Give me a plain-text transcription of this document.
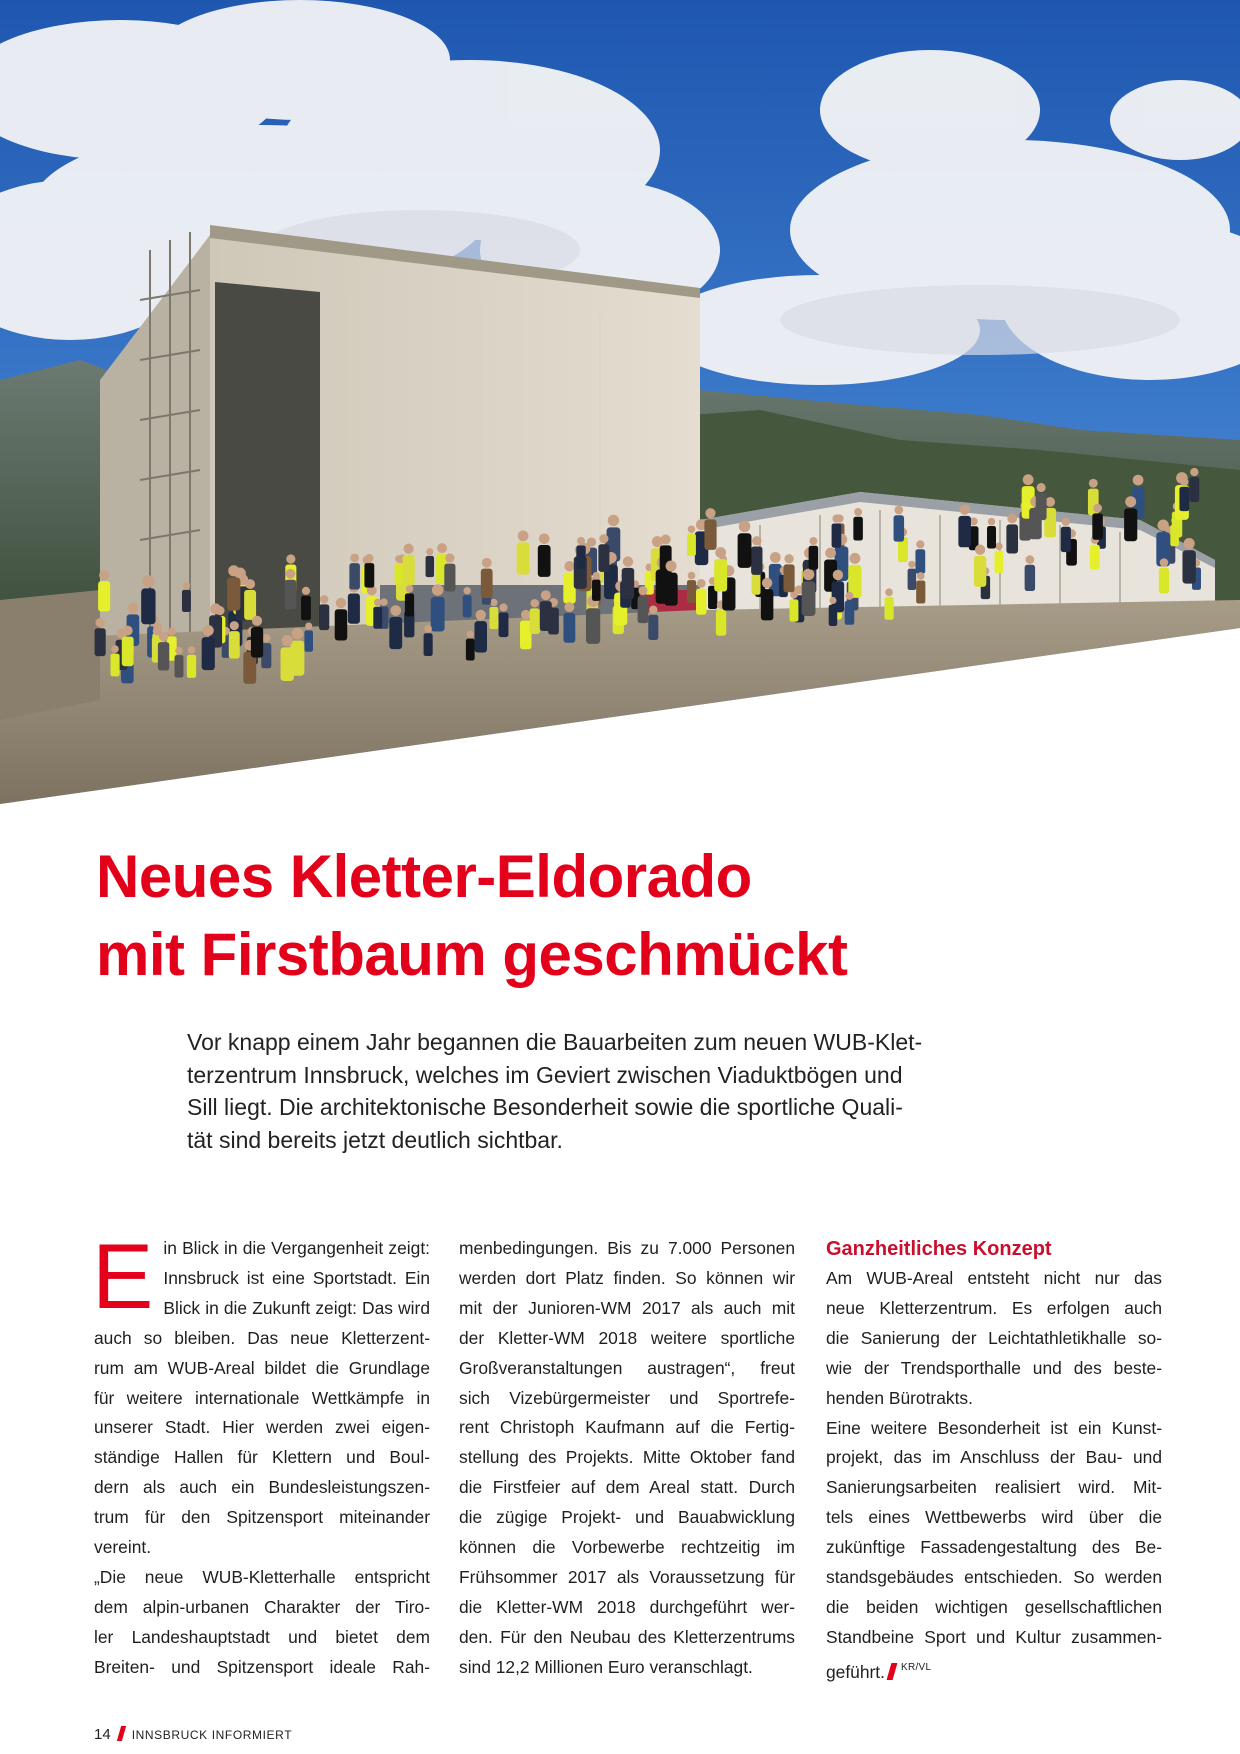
Neues Kletter-Eldorado
mit Firstbaum geschmückt
Vor knapp einem Jahr begannen die Bauarbeiten zum neuen WUB-Klet-
terzentrum Innsbruck, welches im Geviert zwischen Viaduktbögen und
Sill liegt. Die architektonische Besonderheit sowie die sportliche Quali-
tät sind bereits jetzt deutlich sichtbar.
E in Blick in die Vergangenheit zeigt:
Innsbruck ist eine Sportstadt. Ein
Blick in die Zukunft zeigt: Das wird
auch so bleiben. Das neue Kletterzent-
rum am WUB-Areal bildet die Grundlage
für weitere internationale Wettkämpfe in
unserer Stadt. Hier werden zwei eigen-
ständige Hallen für Klettern und Boul-
dern als auch ein Bundesleistungszen-
trum für den Spitzensport miteinander
vereint.
„Die neue WUB-Kletterhalle entspricht
dem alpin-urbanen Charakter der Tiro-
ler Landeshauptstadt und bietet dem
Breiten- und Spitzensport ideale Rah-
menbedingungen. Bis zu 7.000 Personen
werden dort Platz finden. So können wir
mit der Junioren-WM 2017 als auch mit
der Kletter-WM 2018 weitere sportliche
Großveranstaltungen austragen“, freut
sich Vizebürgermeister und Sportrefe-
rent Christoph Kaufmann auf die Fertig-
stellung des Projekts. Mitte Oktober fand
die Firstfeier auf dem Areal statt. Durch
die zügige Projekt- und Bauabwicklung
können die Vorbewerbe rechtzeitig im
Frühsommer 2017 als Voraussetzung für
die Kletter-WM 2018 durchgeführt wer-
den. Für den Neubau des Kletterzentrums
sind 12,2 Millionen Euro veranschlagt.
Ganzheitliches Konzept
Am WUB-Areal entsteht nicht nur das
neue Kletterzentrum. Es erfolgen auch
die Sanierung der Leichtathletikhalle so-
wie der Trendsporthalle und des beste-
henden Bürotrakts.
Eine weitere Besonderheit ist ein Kunst-
projekt, das im Anschluss der Bau- und
Sanierungsarbeiten realisiert wird. Mit-
tels eines Wettbewerbs wird über die
zukünftige Fassadengestaltung des Be-
standsgebäudes entschieden. So werden
die beiden wichtigen gesellschaftlichen
Standbeine Sport und Kultur zusammen-
geführt. $^{KR/VL}$
14 INNSBRUCK INFORMIERT
